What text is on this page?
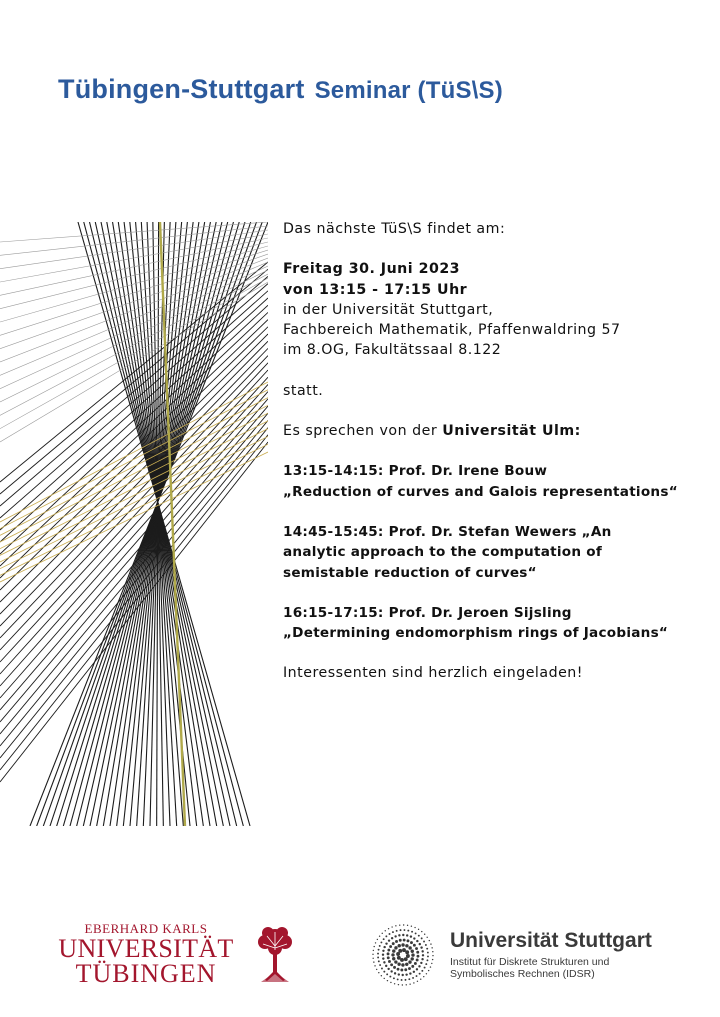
Tübingen-Stuttgart Seminar (TüS\S)

Das nächste TüS\S findet am:

Freitag 30. Juni 2023

von 13:15 - 17:15 Uhr

in der Universität Stuttgart,

Fachbereich Mathematik, Pfaffenwaldring 57

im 8.OG, Fakultätssaal 8.122

statt.

Es sprechen von der Universität Ulm:

13:15-14:15: Prof. Dr. Irene Bouw

„Reduction of curves and Galois representations“

14:45-15:45: Prof. Dr. Stefan Wewers „An

analytic approach to the computation of

semistable reduction of curves“

16:15-17:15: Prof. Dr. Jeroen Sijsling

„Determining endomorphism rings of Jacobians“

Interessenten sind herzlich eingeladen!

EBERHARD KARLS
UNIVERSITÄT
TÜBINGEN
Universität Stuttgart
Institut für Diskrete Strukturen und
Symbolisches Rechnen (IDSR)
